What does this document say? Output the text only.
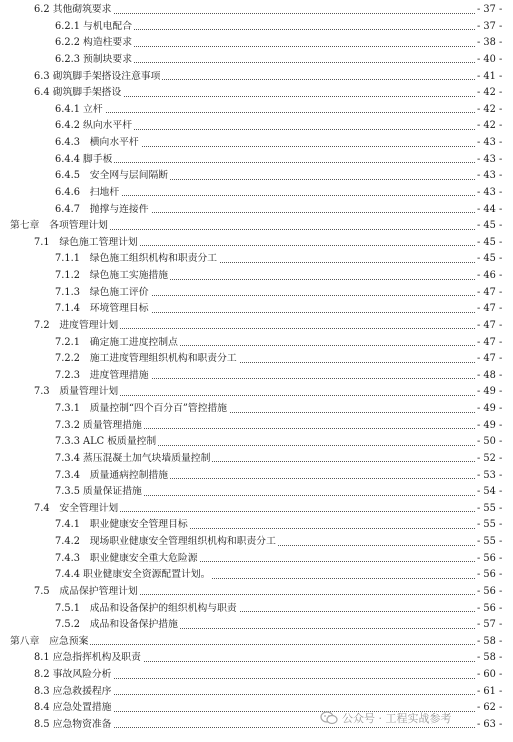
6.2 其他砌筑要求	- 37 -
6.2.1 与机电配合	- 37 -
6.2.2 构造柱要求	- 38 -
6.2.3 预制块要求	- 40 -
6.3 砌筑脚手架搭设注意事项	- 41 -
6.4 砌筑脚手架搭设	- 42 -
6.4.1 立杆	- 42 -
6.4.2 纵向水平杆	- 42 -
6.4.3　横向水平杆	- 43 -
6.4.4 脚手板	- 43 -
6.4.5　安全网与层间隔断	- 43 -
6.4.6　扫地杆	- 43 -
6.4.7　抛撑与连接件	- 44 -
第七章　各项管理计划	- 45 -
7.1　绿色施工管理计划	- 45 -
7.1.1　绿色施工组织机构和职责分工	- 45 -
7.1.2　绿色施工实施措施	- 46 -
7.1.3　绿色施工评价	- 47 -
7.1.4　环境管理目标	- 47 -
7.2　进度管理计划	- 47 -
7.2.1　确定施工进度控制点	- 47 -
7.2.2　施工进度管理组织机构和职责分工	- 47 -
7.2.3　进度管理措施	- 48 -
7.3　质量管理计划	- 49 -
7.3.1　质量控制“四个百分百”管控措施	- 49 -
7.3.2 质量管理措施	- 49 -
7.3.3 ALC 板质量控制	- 50 -
7.3.4 蒸压混凝土加气块墙质量控制	- 52 -
7.3.4　质量通病控制措施	- 53 -
7.3.5 质量保证措施	- 54 -
7.4　安全管理计划	- 55 -
7.4.1　职业健康安全管理目标	- 55 -
7.4.2　现场职业健康安全管理组织机构和职责分工	- 55 -
7.4.3　职业健康安全重大危险源	- 56 -
7.4.4 职业健康安全资源配置计划。	- 56 -
7.5　成品保护管理计划	- 56 -
7.5.1　成品和设备保护的组织机构与职责	- 56 -
7.5.2　成品和设备保护措施	- 57 -
第八章　应急预案	- 58 -
8.1 应急指挥机构及职责	- 58 -
8.2 事故风险分析	- 60 -
8.3 应急救援程序	- 61 -
8.4 应急处置措施	- 62 -
8.5 应急物资准备	- 63 -
公众号 · 工程实战参考
